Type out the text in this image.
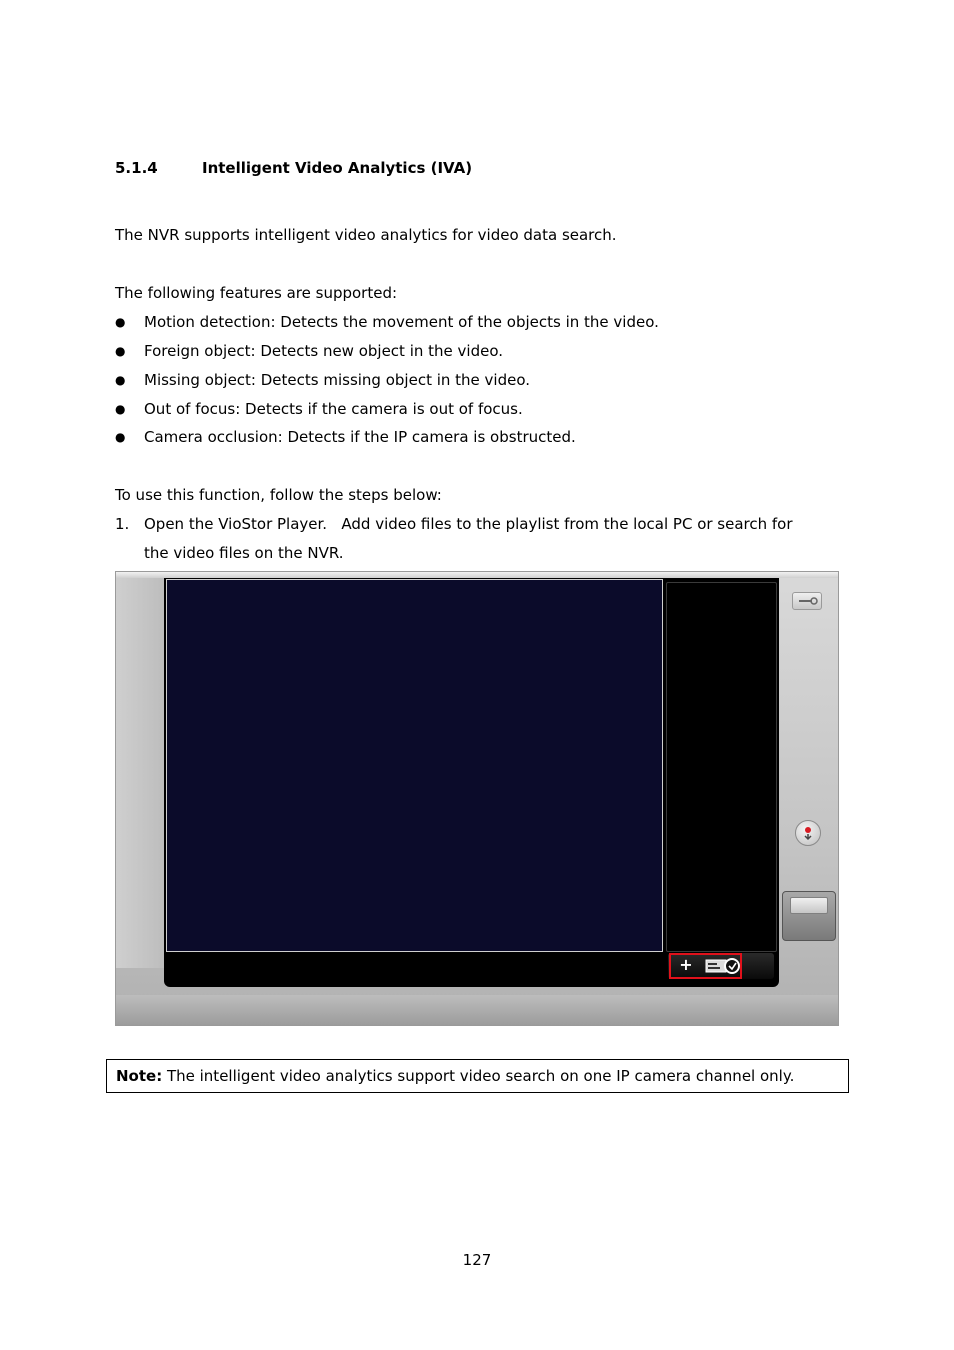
5.1.4	Intelligent Video Analytics (IVA)
The NVR supports intelligent video analytics for video data search.
The following features are supported:
● Motion detection: Detects the movement of the objects in the video.
● Foreign object: Detects new object in the video.
● Missing object: Detects missing object in the video.
● Out of focus: Detects if the camera is out of focus.
● Camera occlusion: Detects if the IP camera is obstructed.
To use this function, follow the steps below:
1. Open the VioStor Player.   Add video files to the playlist from the local PC or search for
the video files on the NVR.
+
Note: The intelligent video analytics support video search on one IP camera channel only.
127
